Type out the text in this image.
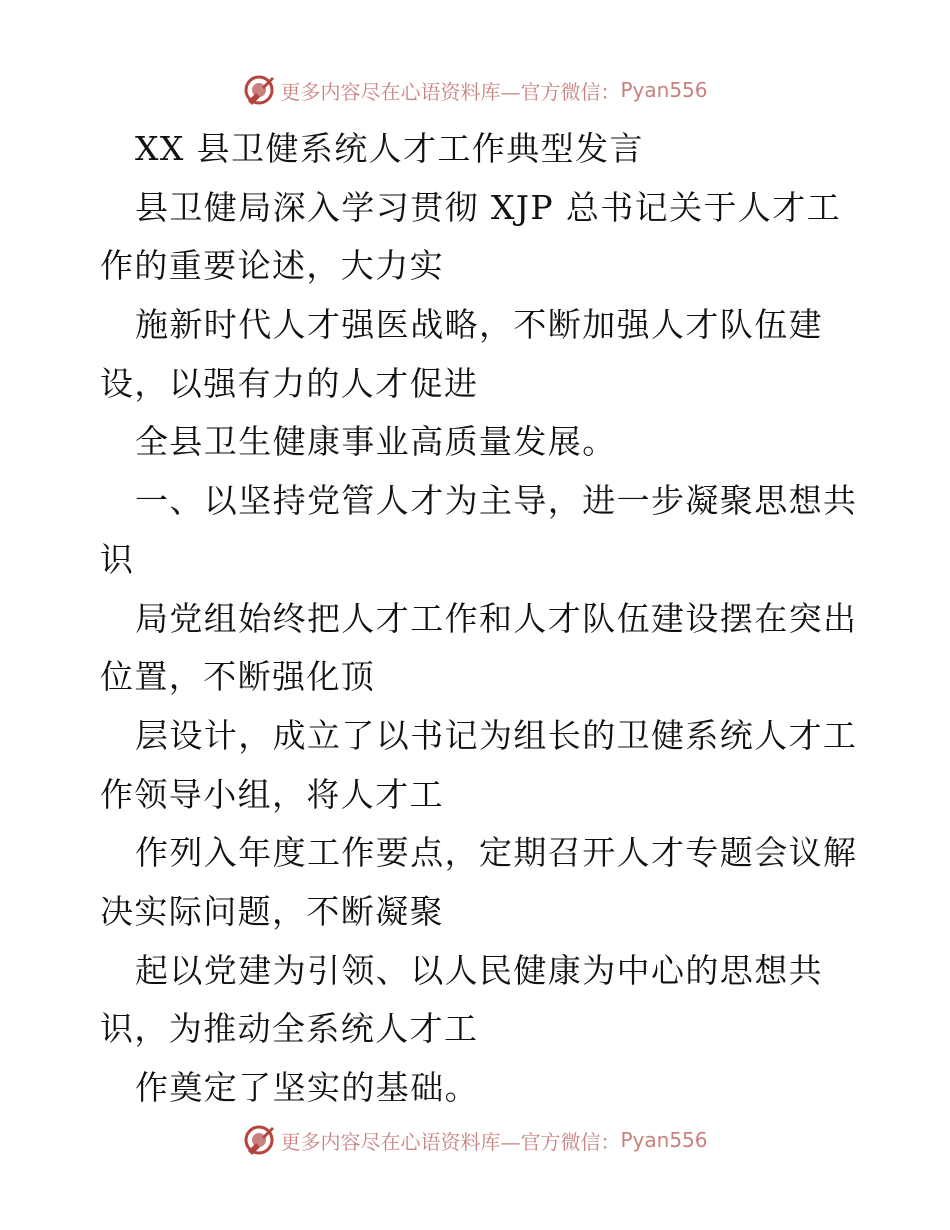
更多内容尽在心语资料库—官方微信： Pyan556
XX 县卫健系统人才工作典型发言
县卫健局深入学习贯彻 XJP 总书记关于人才工
作的重要论述，大力实
施新时代人才强医战略，不断加强人才队伍建
设，以强有力的人才促进
全县卫生健康事业高质量发展。
一、以坚持党管人才为主导，进一步凝聚思想共
识
局党组始终把人才工作和人才队伍建设摆在突出
位置，不断强化顶
层设计，成立了以书记为组长的卫健系统人才工
作领导小组，将人才工
作列入年度工作要点，定期召开人才专题会议解
决实际问题，不断凝聚
起以党建为引领、以人民健康为中心的思想共
识，为推动全系统人才工
作奠定了坚实的基础。
更多内容尽在心语资料库—官方微信： Pyan556
